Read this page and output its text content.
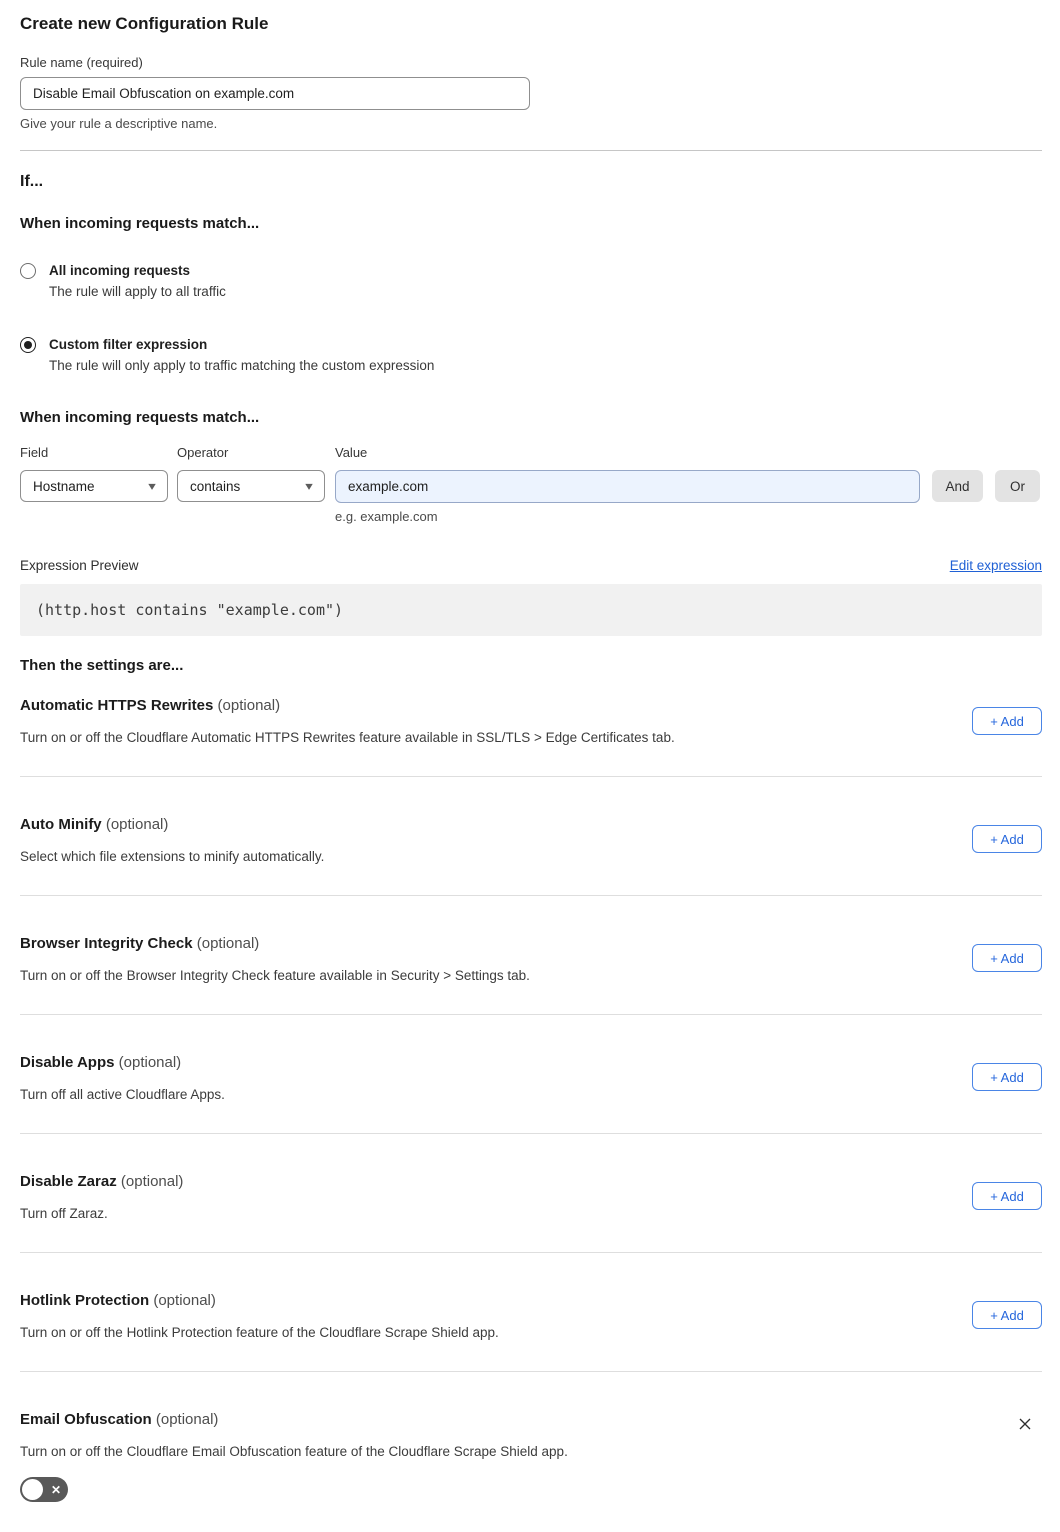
Create new Configuration Rule
Rule name (required)
Disable Email Obfuscation on example.com
Give your rule a descriptive name.
If...
When incoming requests match...
All incoming requests
The rule will apply to all traffic
Custom filter expression
The rule will only apply to traffic matching the custom expression
When incoming requests match...
Field
Hostname	▾
Operator
contains	▾
Value
example.com
e.g. example.com
And	Or
Expression Preview	Edit expression
(http.host contains "example.com")
Then the settings are...
Automatic HTTPS Rewrites (optional)
Turn on or off the Cloudflare Automatic HTTPS Rewrites feature available in SSL/TLS > Edge Certificates tab.
+ Add
Auto Minify (optional)
Select which file extensions to minify automatically.
+ Add
Browser Integrity Check (optional)
Turn on or off the Browser Integrity Check feature available in Security > Settings tab.
+ Add
Disable Apps (optional)
Turn off all active Cloudflare Apps.
+ Add
Disable Zaraz (optional)
Turn off Zaraz.
+ Add
Hotlink Protection (optional)
Turn on or off the Hotlink Protection feature of the Cloudflare Scrape Shield app.
+ Add
Email Obfuscation (optional)
Turn on or off the Cloudflare Email Obfuscation feature of the Cloudflare Scrape Shield app.
✕
